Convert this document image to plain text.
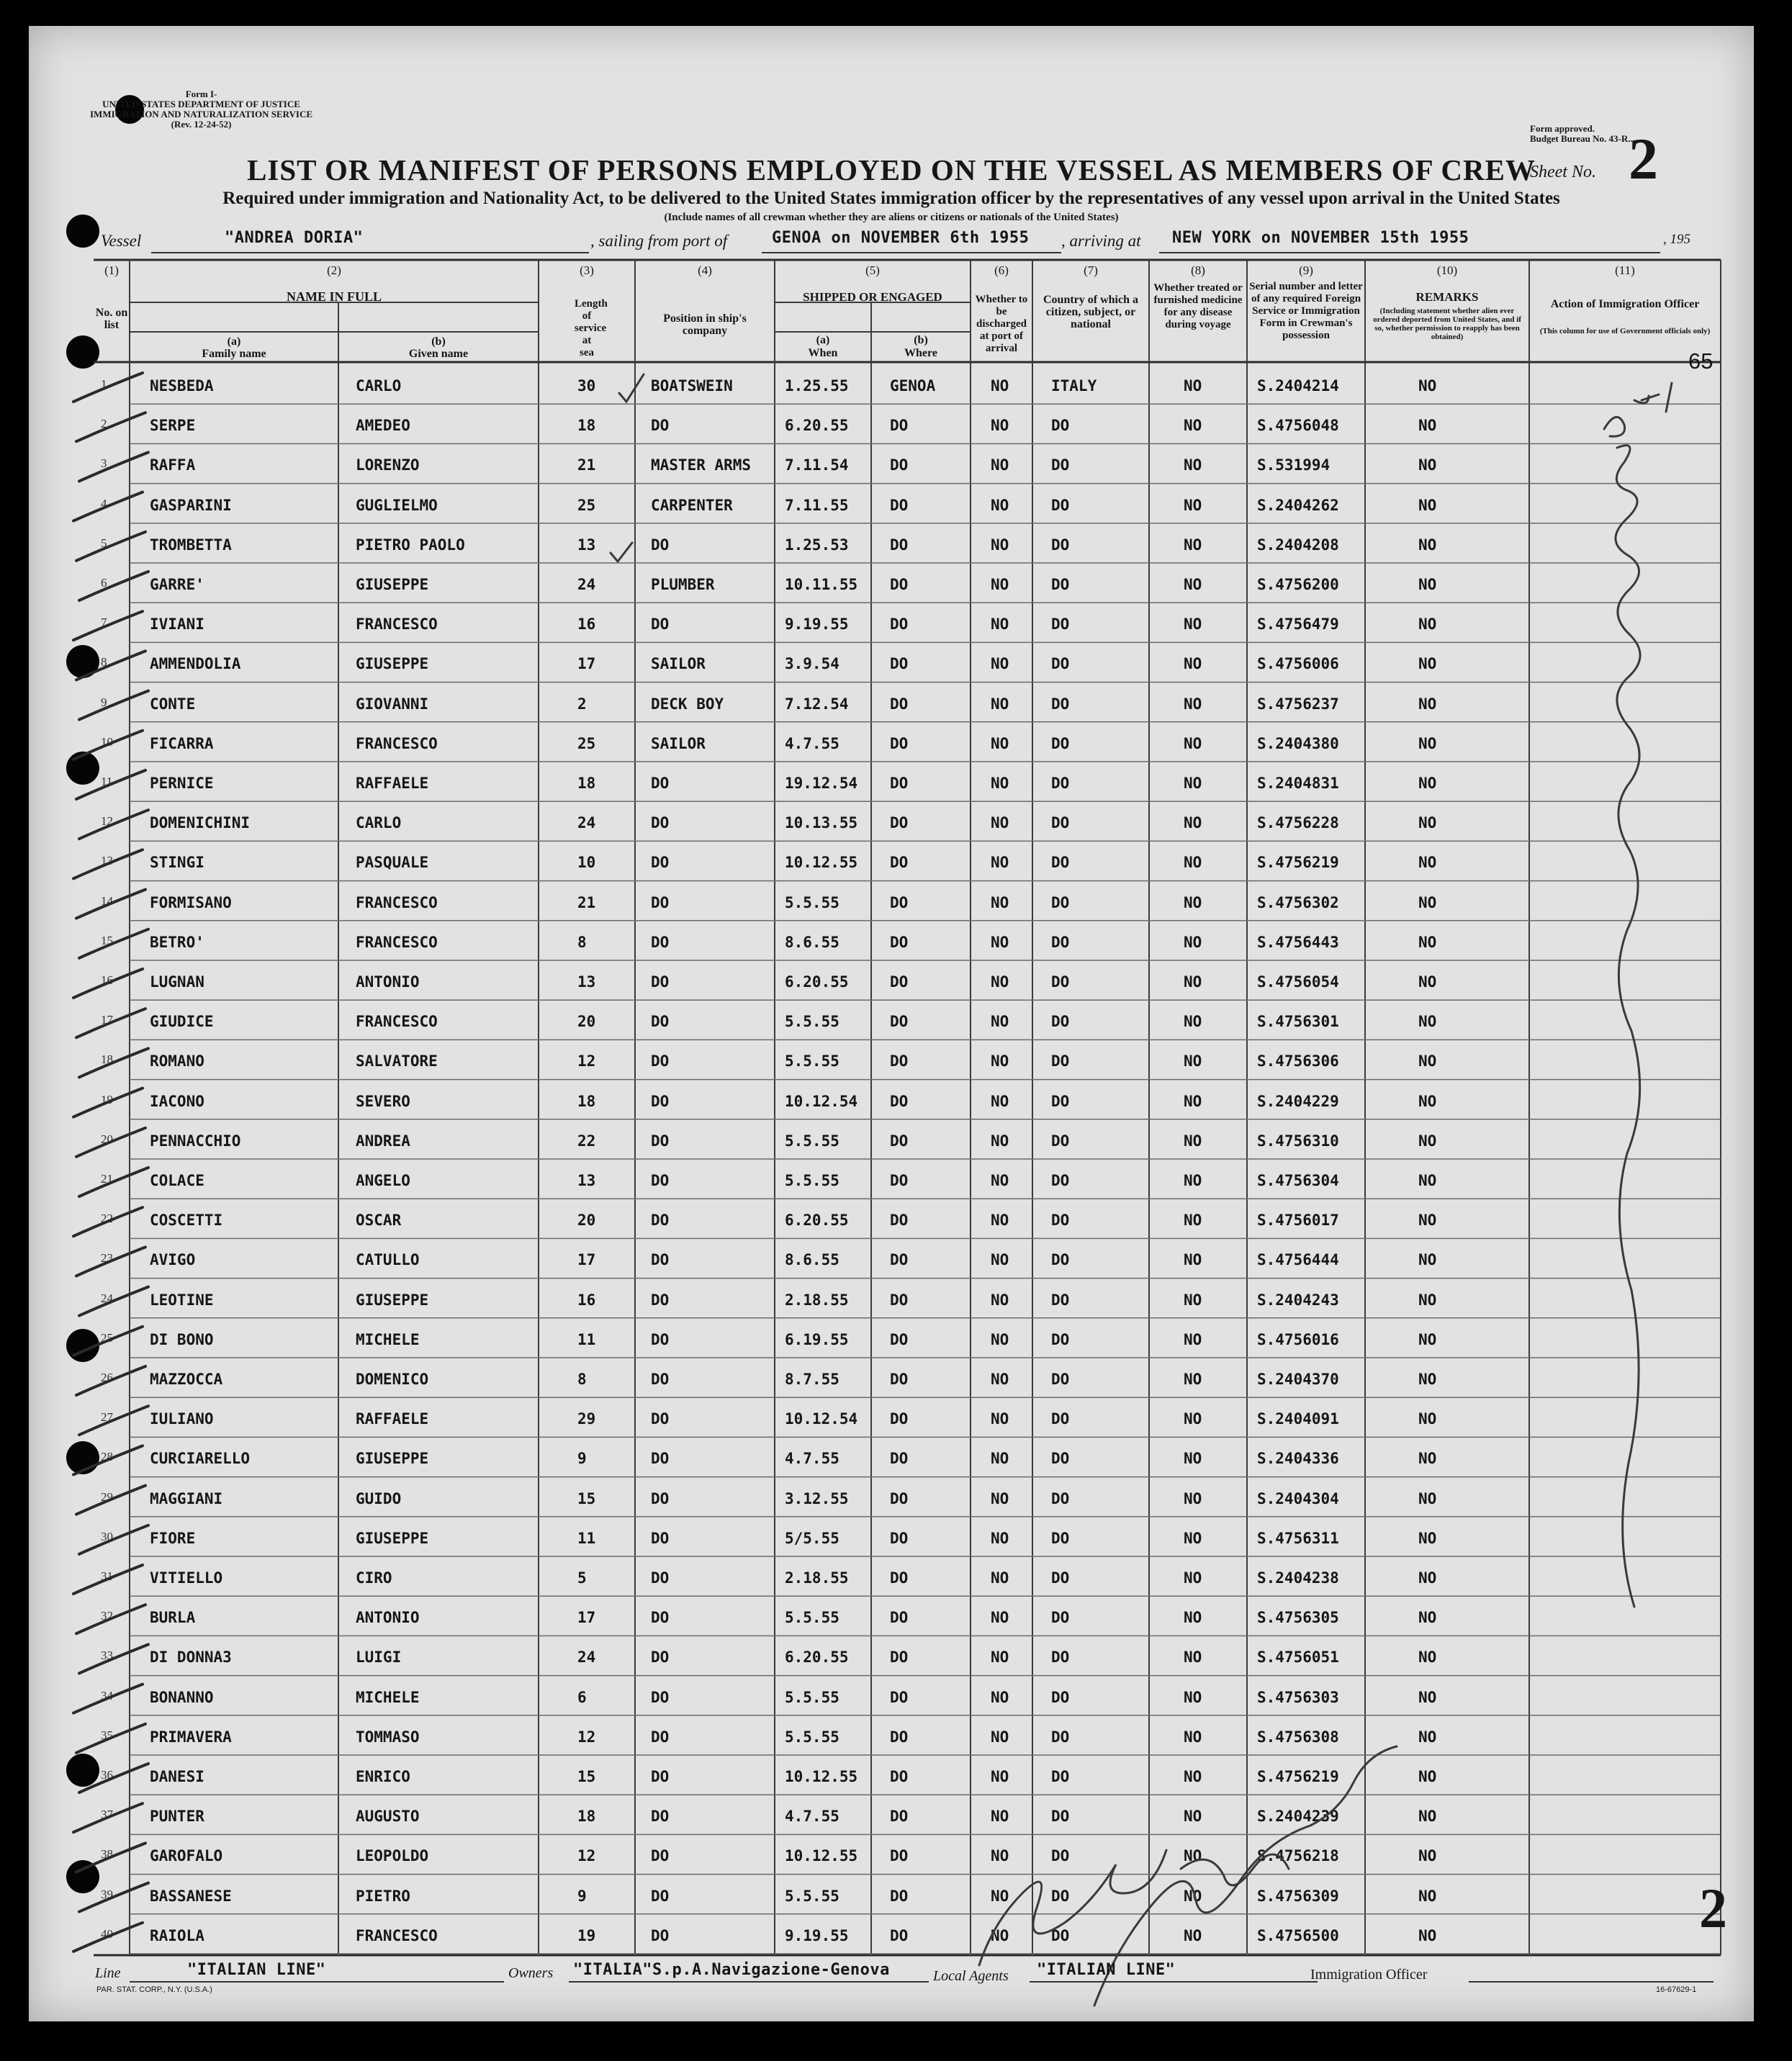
Form I-
UNITED STATES DEPARTMENT OF JUSTICE
IMMIGRATION AND NATURALIZATION SERVICE
(Rev. 12-24-52)	Form approved.
Budget Bureau No. 43-R...
Sheet No. 2
LIST OR MANIFEST OF PERSONS EMPLOYED ON THE VESSEL AS MEMBERS OF CREW
Required under immigration and Nationality Act, to be delivered to the United States immigration officer by the representatives of any vessel upon arrival in the United States
(Include names of all crewman whether they are aliens or citizens or nationals of the United States)
Vessel	"ANDREA DORIA"	, sailing from port of	GENOA on NOVEMBER 6th 1955 , arriving at NEW YORK on NOVEMBER 15th 1955	, 195
(1)	(2)	(3)	(4)	(5)	(6)	(7)	(8)	(9)	(10)	(11)
No. on list
NAME IN FULL
(a)
Family name
(b)
Given name
Length of service at sea
Position in ship's company
SHIPPED OR ENGAGED
(a)
When
(b)
Where
Whether to be discharged at port of arrival
Country of which a citizen, subject, or national
Whether treated or furnished medicine for any disease during voyage
Serial number and letter of any required Foreign Service or Immigration Form in Crewman's possession
REMARKS
(Including statement whether alien ever ordered deported from United States, and if so, whether permission to reapply has been obtained)
Action of Immigration Officer
(This column for use of Government officials only)
1	NESBEDA	CARLO	30	BOATSWEIN	1.25.55	GENOA	NO	ITALY	NO	S.2404214	NO
2	SERPE	AMEDEO	18	DO	6.20.55	DO	NO	DO	NO	S.4756048	NO
3	RAFFA	LORENZO	21	MASTER ARMS 7.11.54	DO	NO	DO	NO	S.531994	NO
4	GASPARINI	GUGLIELMO	25	CARPENTER	7.11.55	DO	NO	DO	NO	S.2404262	NO
5	TROMBETTA	PIETRO PAOLO	13	DO	1.25.53	DO	NO	DO	NO	S.2404208	NO
6	GARRE'	GIUSEPPE	24	PLUMBER	10.11.55 DO	NO	DO	NO	S.4756200	NO
7	IVIANI	FRANCESCO	16	DO	9.19.55	DO	NO	DO	NO	S.4756479	NO
8	AMMENDOLIA	GIUSEPPE	17	SAILOR	3.9.54	DO	NO	DO	NO	S.4756006	NO
9	CONTE	GIOVANNI	2	DECK BOY	7.12.54	DO	NO	DO	NO	S.4756237	NO
10 FICARRA	FRANCESCO	25	SAILOR	4.7.55	DO	NO	DO	NO	S.2404380	NO
11 PERNICE	RAFFAELE	18	DO	19.12.54 DO	NO	DO	NO	S.2404831	NO
12 DOMENICHINI	CARLO	24	DO	10.13.55 DO	NO	DO	NO	S.4756228	NO
13 STINGI	PASQUALE	10	DO	10.12.55 DO	NO	DO	NO	S.4756219	NO
14 FORMISANO	FRANCESCO	21	DO	5.5.55	DO	NO	DO	NO	S.4756302	NO
15 BETRO'	FRANCESCO	8	DO	8.6.55	DO	NO	DO	NO	S.4756443	NO
16 LUGNAN	ANTONIO	13	DO	6.20.55	DO	NO	DO	NO	S.4756054	NO
17 GIUDICE	FRANCESCO	20	DO	5.5.55	DO	NO	DO	NO	S.4756301	NO
18 ROMANO	SALVATORE	12	DO	5.5.55	DO	NO	DO	NO	S.4756306	NO
19 IACONO	SEVERO	18	DO	10.12.54 DO	NO	DO	NO	S.2404229	NO
20 PENNACCHIO	ANDREA	22	DO	5.5.55	DO	NO	DO	NO	S.4756310	NO
21 COLACE	ANGELO	13	DO	5.5.55	DO	NO	DO	NO	S.4756304	NO
22 COSCETTI	OSCAR	20	DO	6.20.55	DO	NO	DO	NO	S.4756017	NO
23 AVIGO	CATULLO	17	DO	8.6.55	DO	NO	DO	NO	S.4756444	NO
24 LEOTINE	GIUSEPPE	16	DO	2.18.55	DO	NO	DO	NO	S.2404243	NO
25 DI BONO	MICHELE	11	DO	6.19.55	DO	NO	DO	NO	S.4756016	NO
26 MAZZOCCA	DOMENICO	8	DO	8.7.55	DO	NO	DO	NO	S.2404370	NO
27 IULIANO	RAFFAELE	29	DO	10.12.54 DO	NO	DO	NO	S.2404091	NO
28 CURCIARELLO	GIUSEPPE	9	DO	4.7.55	DO	NO	DO	NO	S.2404336	NO
29 MAGGIANI	GUIDO	15	DO	3.12.55	DO	NO	DO	NO	S.2404304	NO
30 FIORE	GIUSEPPE	11	DO	5/5.55	DO	NO	DO	NO	S.4756311	NO
31 VITIELLO	CIRO	5	DO	2.18.55	DO	NO	DO	NO	S.2404238	NO
32 BURLA	ANTONIO	17	DO	5.5.55	DO	NO	DO	NO	S.4756305	NO
33 DI DONNA3	LUIGI	24	DO	6.20.55	DO	NO	DO	NO	S.4756051	NO
34 BONANNO	MICHELE	6	DO	5.5.55	DO	NO	DO	NO	S.4756303	NO
35 PRIMAVERA	TOMMASO	12	DO	5.5.55	DO	NO	DO	NO	S.4756308	NO
36 DANESI	ENRICO	15	DO	10.12.55 DO	NO	DO	NO	S.4756219	NO
37 PUNTER	AUGUSTO	18	DO	4.7.55	DO	NO	DO	NO	S.2404239	NO
38 GAROFALO	LEOPOLDO	12	DO	10.12.55 DO	NO	DO	NO	S.4756218	NO
39 BASSANESE	PIETRO	9	DO	5.5.55	DO	NO	DO	NO	S.4756309	NO
40 RAIOLA	FRANCESCO	19	DO	9.19.55	DO	NO	DO	NO	S.4756500	NO
65
2
Line	"ITALIAN LINE"	Owners "ITALIA"S.p.A.Navigazione-Genova	Local Agents "ITALIAN LINE"	Immigration Officer
PAR. STAT. CORP., N.Y. (U.S.A.)	16-67629-1
